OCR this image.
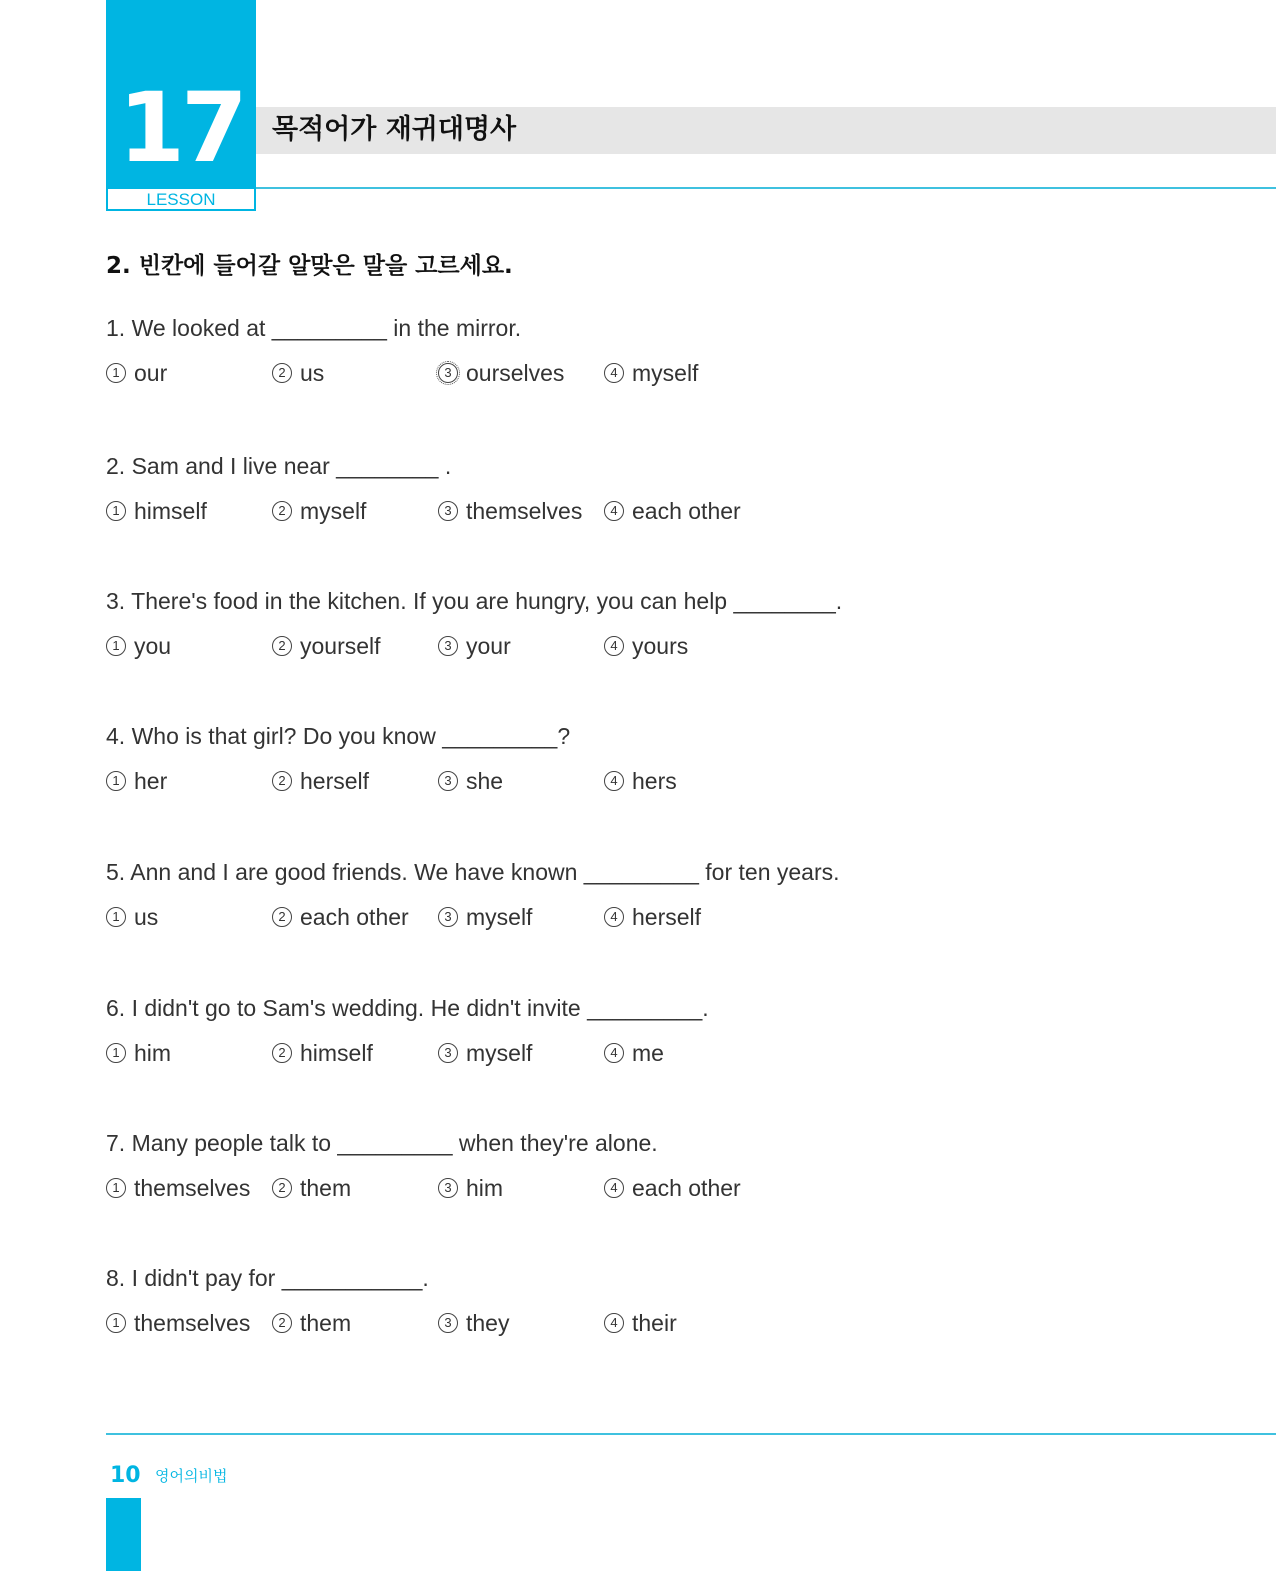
17
LESSON
목적어가 재귀대명사
2. 빈칸에 들어갈 알맞은 말을 고르세요.
1. We looked at _________ in the mirror.
1 our	2 us	3 ourselves	4 myself
2. Sam and I live near ________ .
1 himself	2 myself	3 themselves	4 each other
3. There's food in the kitchen. If you are hungry, you can help ________.
1 you	2 yourself	3 your	4 yours
4. Who is that girl? Do you know _________?
1 her	2 herself	3 she	4 hers
5. Ann and I are good friends. We have known _________ for ten years.
1 us	2 each other	3 myself	4 herself
6. I didn't go to Sam's wedding. He didn't invite _________.
1 him	2 himself	3 myself	4 me
7. Many people talk to _________ when they're alone.
1 themselves	2 them	3 him	4 each other
8. I didn't pay for ___________.
1 themselves	2 them	3 they	4 their
10 영어의비법
